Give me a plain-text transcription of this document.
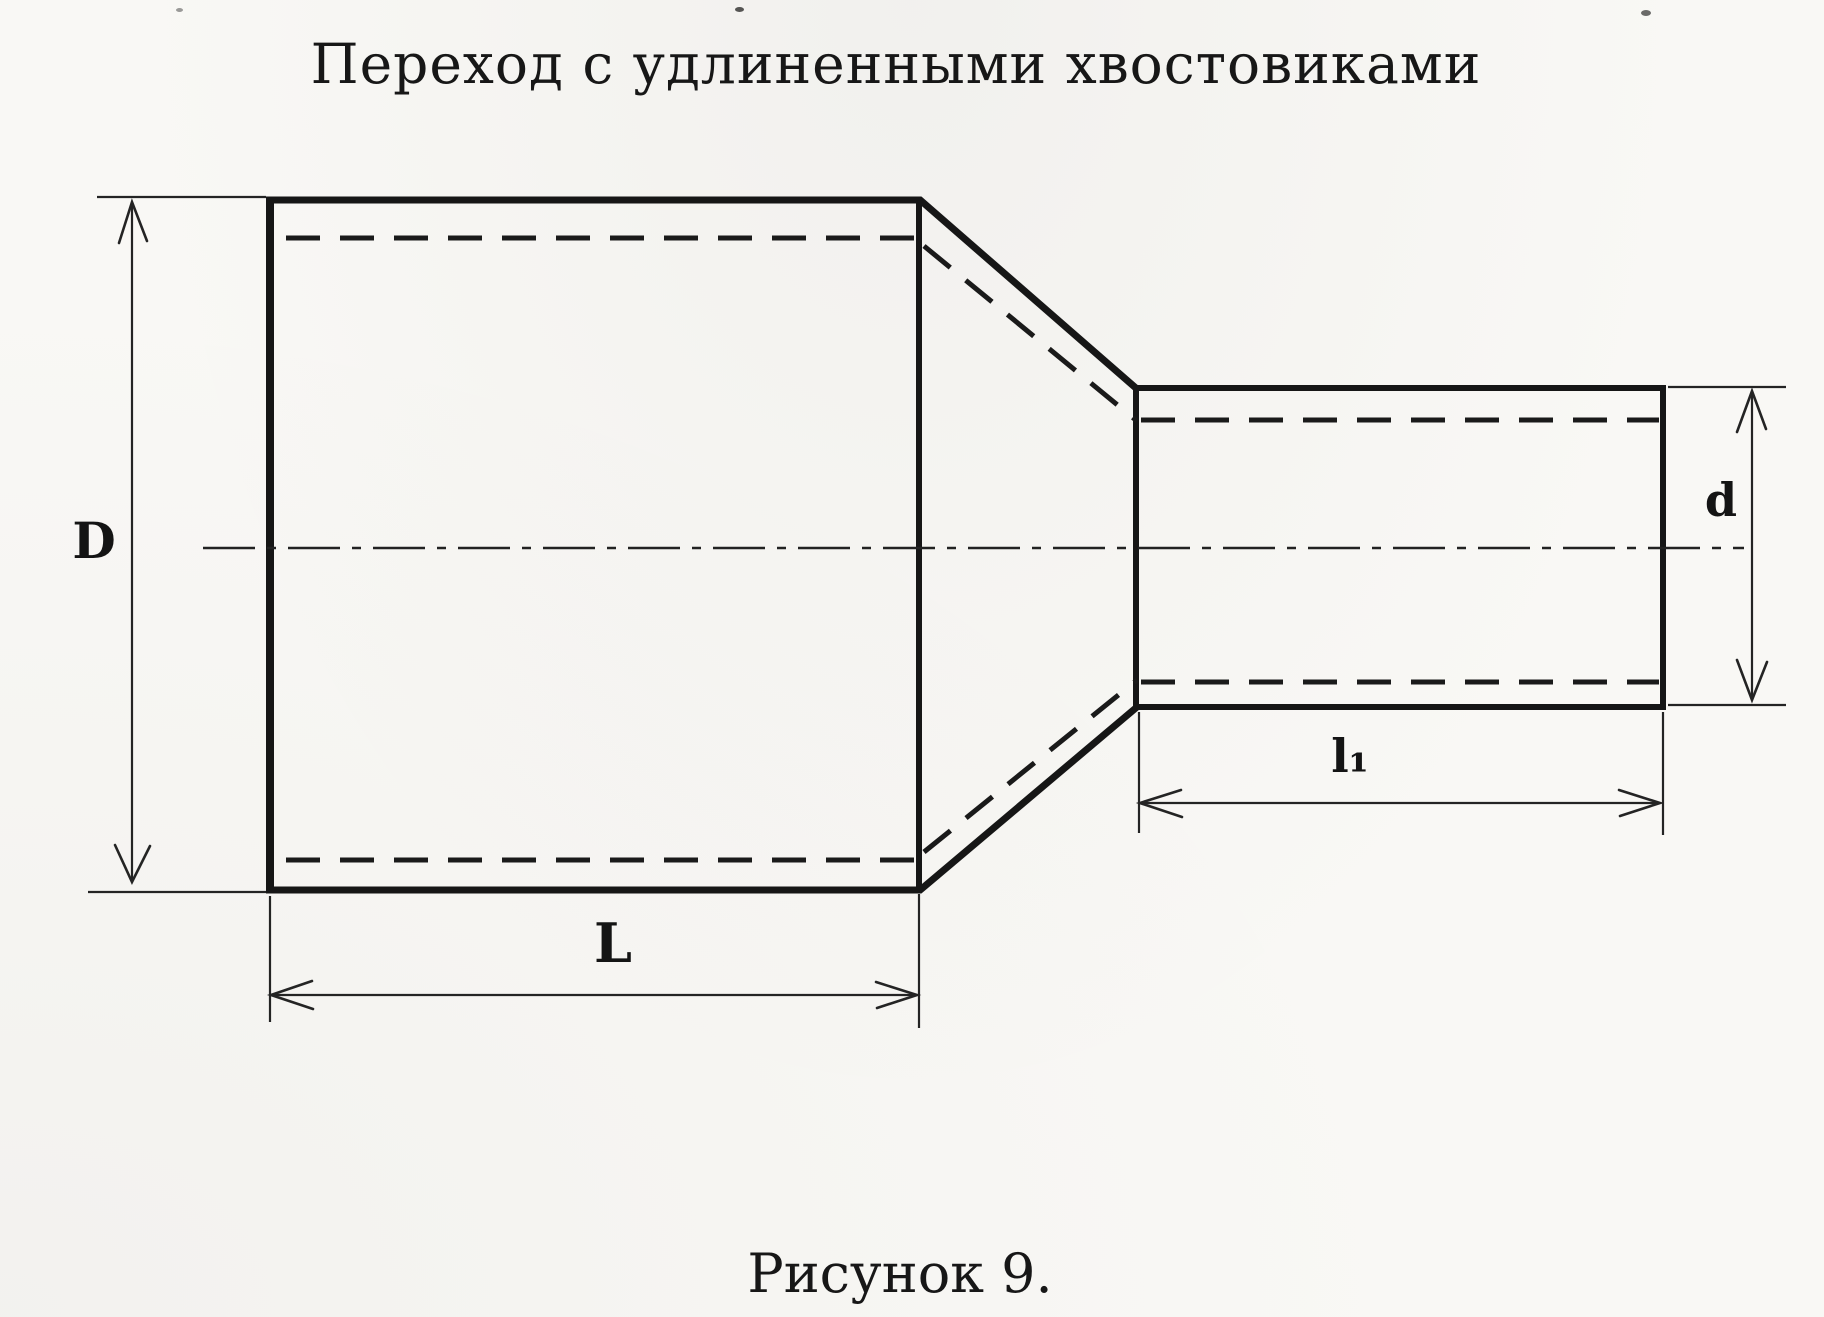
Переход с удлиненными хвостовиками
D
L
l₁
d
Рисунок 9.
